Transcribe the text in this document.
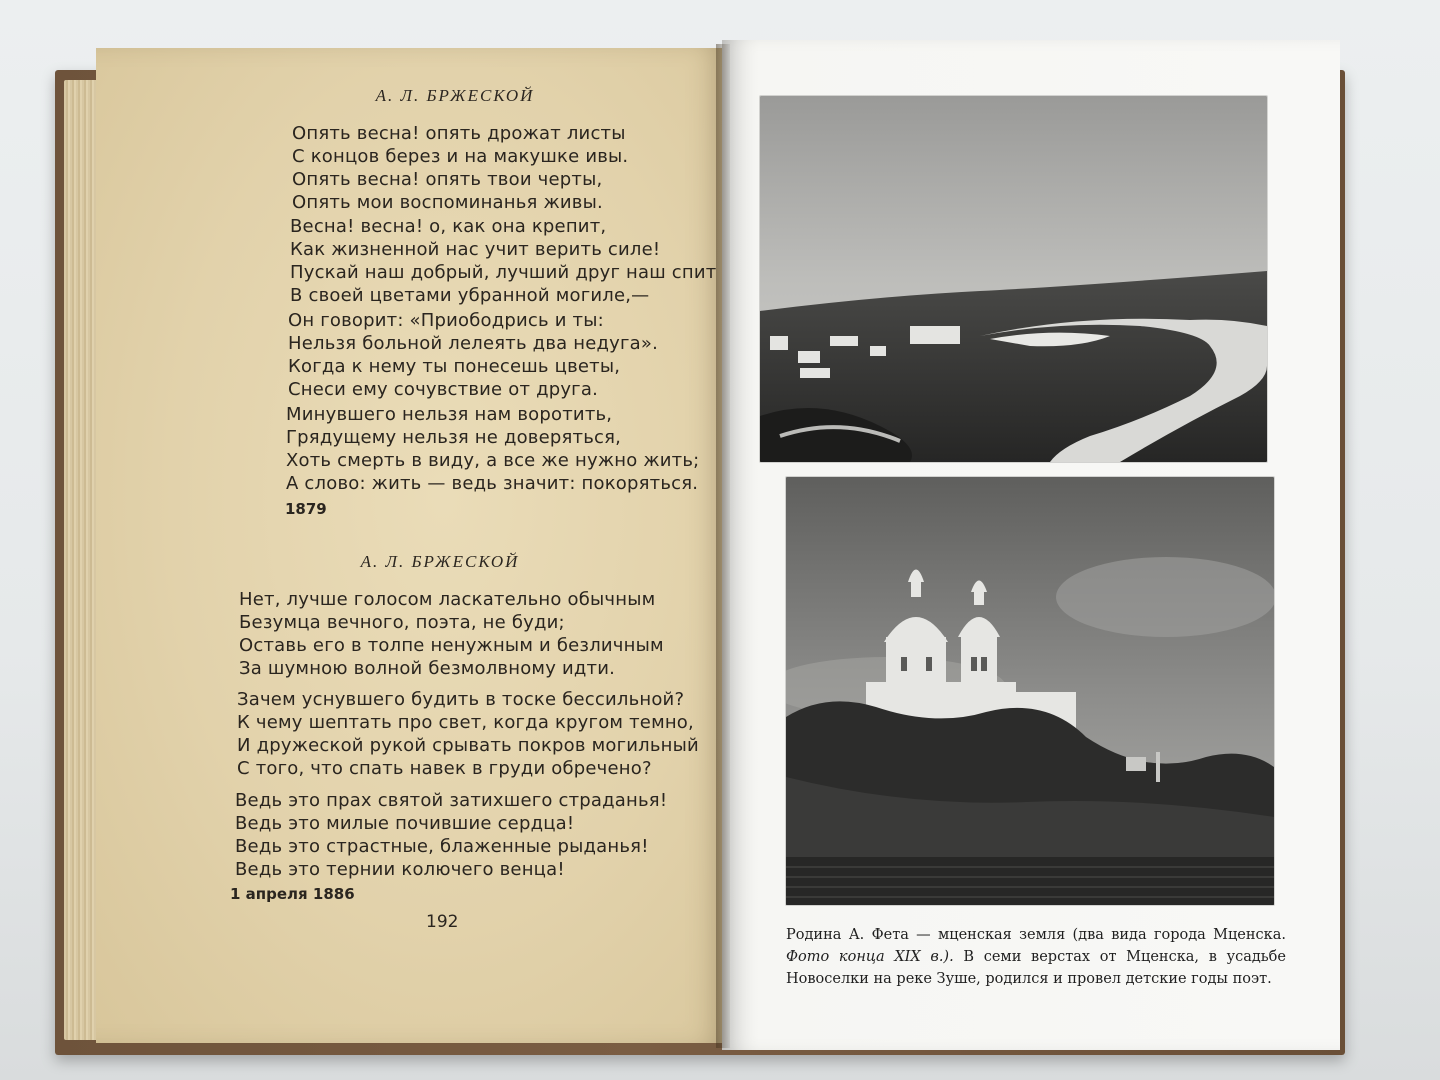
А. Л. БРЖЕСКОЙ
Опять весна! опять дрожат листы
С концов берез и на макушке ивы.
Опять весна! опять твои черты,
Опять мои воспоминанья живы.
Весна! весна! о, как она крепит,
Как жизненной нас учит верить силе!
Пускай наш добрый, лучший друг наш спит
В своей цветами убранной могиле,—
Он говорит: «Приободрись и ты:
Нельзя больной лелеять два недуга».
Когда к нему ты понесешь цветы,
Снеси ему сочувствие от друга.
Минувшего нельзя нам воротить,
Грядущему нельзя не доверяться,
Хоть смерть в виду, а все же нужно жить;
А слово: жить — ведь значит: покоряться.
1879
А. Л. БРЖЕСКОЙ
Нет, лучше голосом ласкательно обычным
Безумца вечного, поэта, не буди;
Оставь его в толпе ненужным и безличным
За шумною волной безмолвному идти.
Зачем уснувшего будить в тоске бессильной?
К чему шептать про свет, когда кругом темно,
И дружеской рукой срывать покров могильный
С того, что спать навек в груди обречено?
Ведь это прах святой затихшего страданья!
Ведь это милые почившие сердца!
Ведь это страстные, блаженные рыданья!
Ведь это тернии колючего венца!
1 апреля 1886
192
Родина А. Фета — мценская земля (два вида города Мценска. Фото конца XIX в.). В семи верстах от Мценска, в усадьбе Новоселки на реке Зуше, родился и провел детские годы поэт.
